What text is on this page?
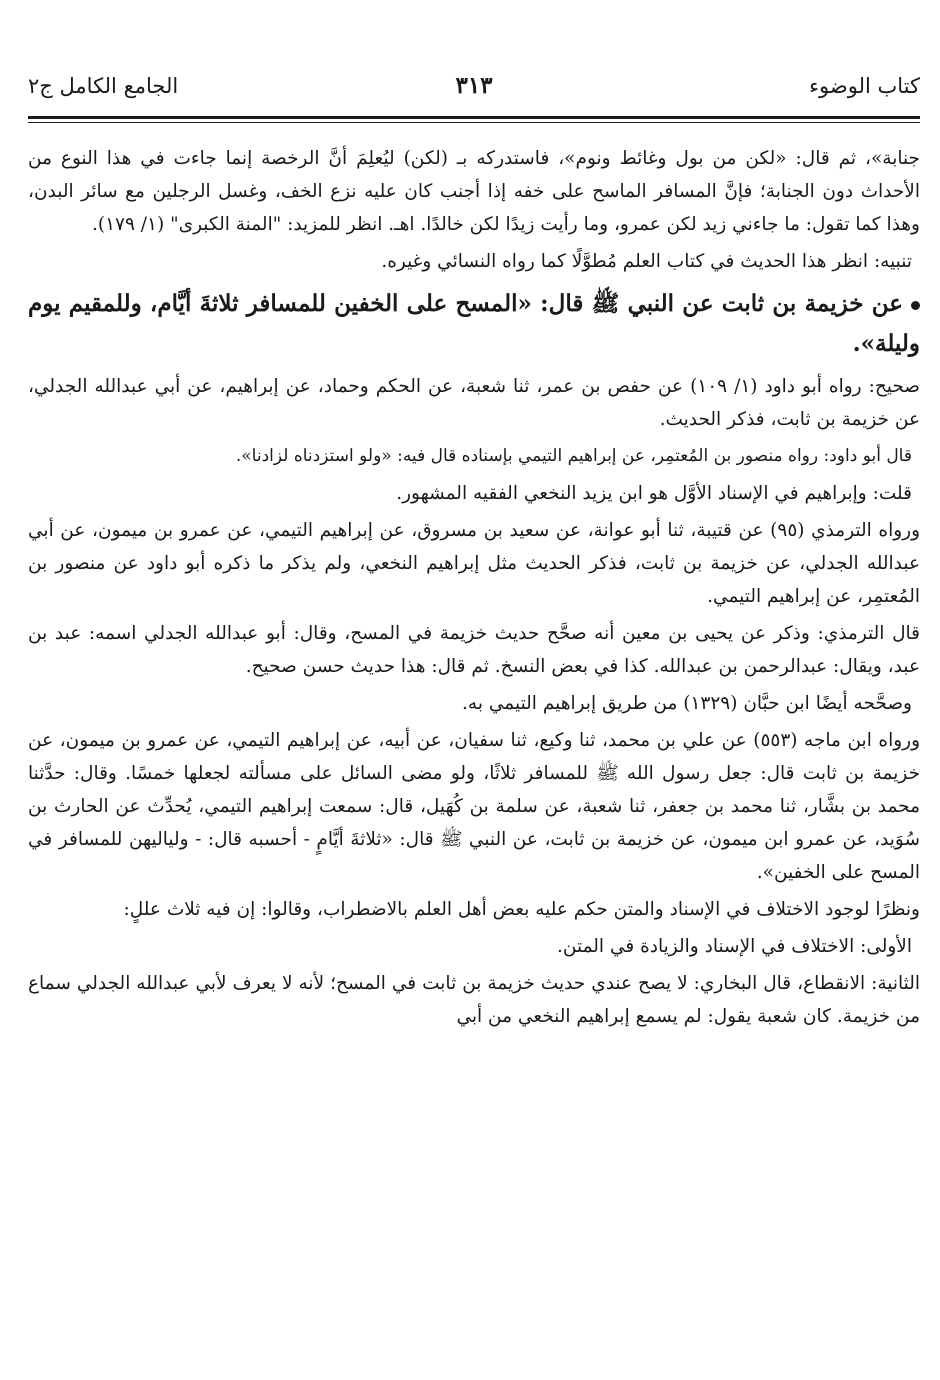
كتاب الوضوء
٣١٣
الجامع الكامل ج٢

جنابة»، ثم قال: «لكن من بول وغائط ونوم»، فاستدركه بـ (لكن) ليُعلِمَ أنَّ الرخصة إنما جاءت في هذا النوع من الأحداث دون الجنابة؛ فإنَّ المسافر الماسح على خفه إذا أجنب كان عليه نزع الخف، وغسل الرجلين مع سائر البدن، وهذا كما تقول: ما جاءني زيد لكن عمرو، وما رأيت زيدًا لكن خالدًا. اهـ. انظر للمزيد: "المنة الكبرى" (١/ ١٧٩).

تنبيه: انظر هذا الحديث في كتاب العلم مُطوَّلًا كما رواه النسائي وغيره.

عن خزيمة بن ثابت عن النبي ﷺ قال: «المسح على الخفين للمسافر ثلاثةَ أيَّام، وللمقيم يوم وليلة».

صحيح: رواه أبو داود (١/ ١٠٩) عن حفص بن عمر، ثنا شعبة، عن الحكم وحماد، عن إبراهيم، عن أبي عبدالله الجدلي، عن خزيمة بن ثابت، فذكر الحديث.

قال أبو داود: رواه منصور بن المُعتمِر، عن إبراهيم التيمي بإسناده قال فيه: «ولو استزدناه لزادنا».

قلت: وإبراهيم في الإسناد الأوَّل هو ابن يزيد النخعي الفقيه المشهور.

ورواه الترمذي (٩٥) عن قتيبة، ثنا أبو عوانة، عن سعيد بن مسروق، عن إبراهيم التيمي، عن عمرو بن ميمون، عن أبي عبدالله الجدلي، عن خزيمة بن ثابت، فذكر الحديث مثل إبراهيم النخعي، ولم يذكر ما ذكره أبو داود عن منصور بن المُعتمِر، عن إبراهيم التيمي.

قال الترمذي: وذكر عن يحيى بن معين أنه صحَّح حديث خزيمة في المسح، وقال: أبو عبدالله الجدلي اسمه: عبد بن عبد، ويقال: عبدالرحمن بن عبدالله. كذا في بعض النسخ. ثم قال: هذا حديث حسن صحيح.

وصحَّحه أيضًا ابن حبَّان (١٣٢٩) من طريق إبراهيم التيمي به.

ورواه ابن ماجه (٥٥٣) عن علي بن محمد، ثنا وكيع، ثنا سفيان، عن أبيه، عن إبراهيم التيمي، عن عمرو بن ميمون، عن خزيمة بن ثابت قال: جعل رسول الله ﷺ للمسافر ثلاثًا، ولو مضى السائل على مسألته لجعلها خمسًا. وقال: حدَّثنا محمد بن بشَّار، ثنا محمد بن جعفر، ثنا شعبة، عن سلمة بن كُهَيل، قال: سمعت إبراهيم التيمي، يُحدِّث عن الحارث بن سُوَيد، عن عمرو ابن ميمون، عن خزيمة بن ثابت، عن النبي ﷺ قال: «ثلاثةَ أيَّامٍ - أحسبه قال: - ولياليهن للمسافر في المسح على الخفين».

ونظرًا لوجود الاختلاف في الإسناد والمتن حكم عليه بعض أهل العلم بالاضطراب، وقالوا: إن فيه ثلاث عللٍ:

الأولى: الاختلاف في الإسناد والزيادة في المتن.

الثانية: الانقطاع، قال البخاري: لا يصح عندي حديث خزيمة بن ثابت في المسح؛ لأنه لا يعرف لأبي عبدالله الجدلي سماع من خزيمة. كان شعبة يقول: لم يسمع إبراهيم النخعي من أبي
